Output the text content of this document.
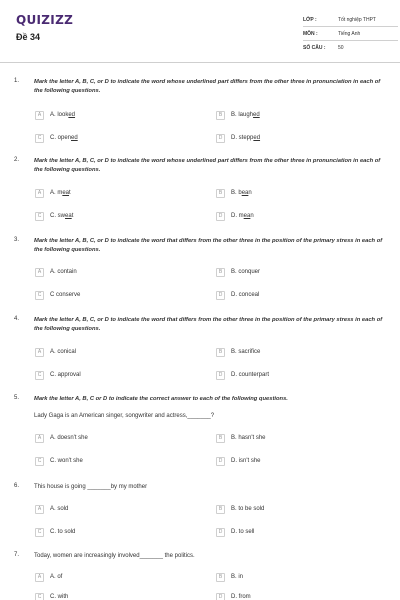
QUIZIZZ
Đề 34
LỚP :	Tốt nghiệp THPT
MÔN :	Tiếng Anh
SỐ CÂU :	50
1.	Mark the letter A, B, C, or D to indicate the word whose underlined part differs from the other three in pronunciation in each of the following questions.
A	A. looked	B	B. laughed
C	C. opened	D	D. stepped
2.	Mark the letter A, B, C, or D to indicate the word whose underlined part differs from the other three in pronunciation in each of the following questions.
A	A. meat	B	B. bean
C	C. sweat	D	D. mean
3.	Mark the letter A, B, C, or D to indicate the word that differs from the other three in the position of the primary stress in each of the following questions.
A	A. contain	B	B. conquer
C	C conserve	D	D. conceal
4.	Mark the letter A, B, C, or D to indicate the word that differs from the other three in the position of the primary stress in each of the following questions.
A	A. conical	B	B. sacrifice
C	C. approval	D	D. counterpart
5.	Mark the letter A, B, C or D to indicate the correct answer to each of the following questions.
Lady Gaga is an American singer, songwriter and actress,_______?
A	A. doesn't she	B	B. hasn't she
C	C. won't she	D	D. isn't she
6. This house is going _______by my mother
A	A. sold	B	B. to be sold
C	C. to sold	D	D. to sell
7. Today, women are increasingly involved_______ the politics.
A	A. of	B	B. in
C	C. with	D	D. from
